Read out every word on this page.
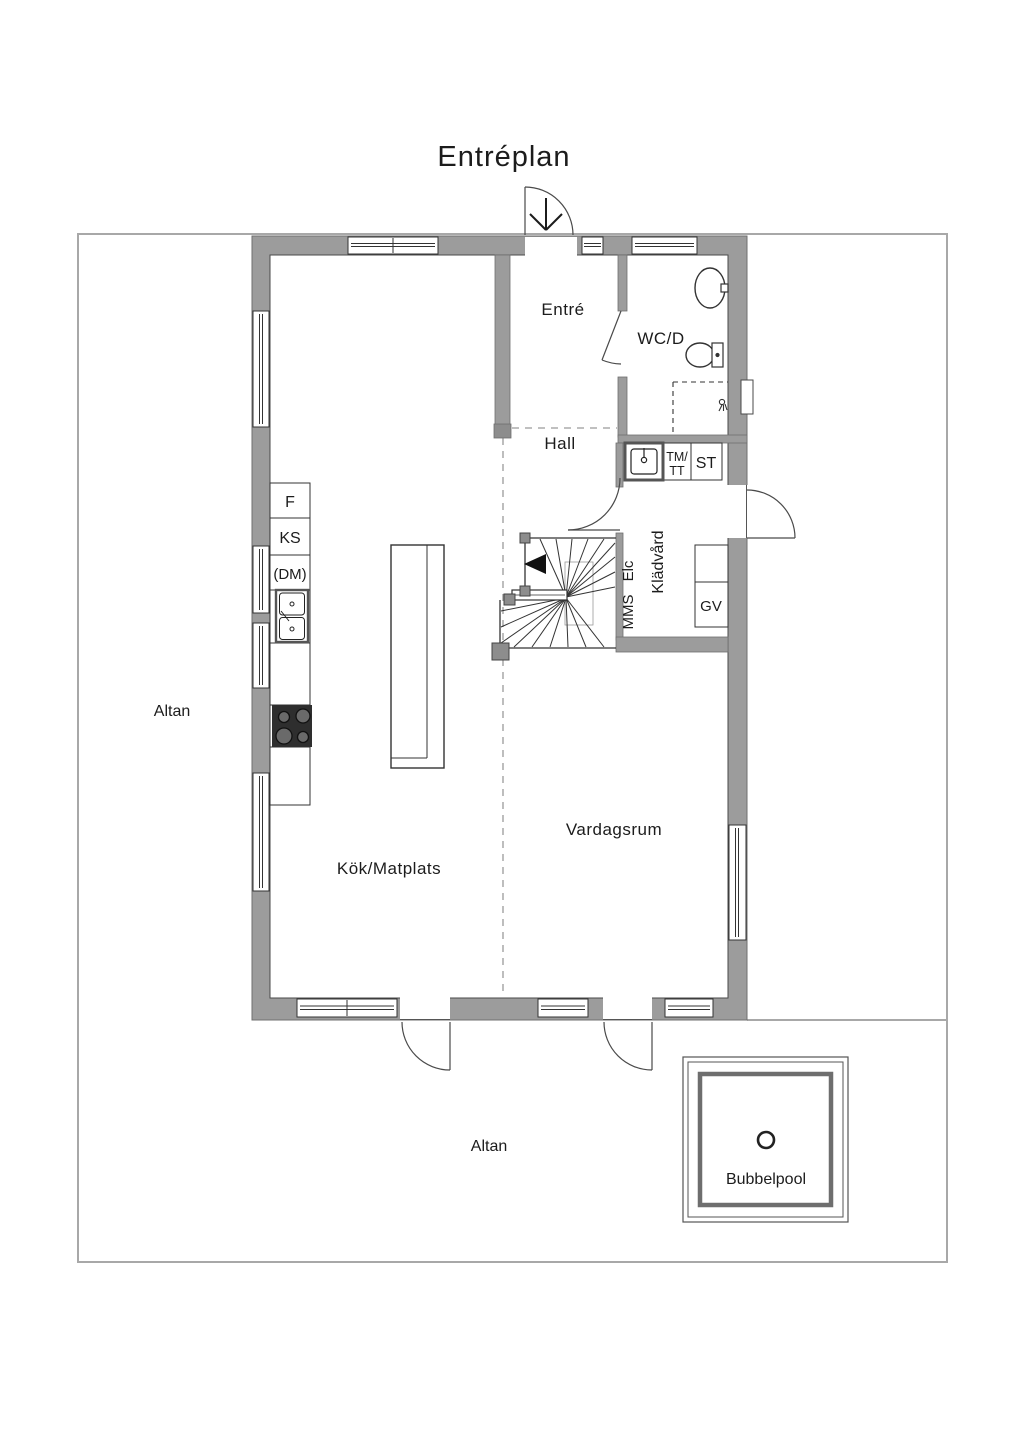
Entréplan
TM/
TT ST
GV
F
KS
(DM)
Entré
WC/D
Hall
Klädvård
Elc
MMS
Kök/Matplats
Vardagsrum
Altan
Altan
Bubbelpool
